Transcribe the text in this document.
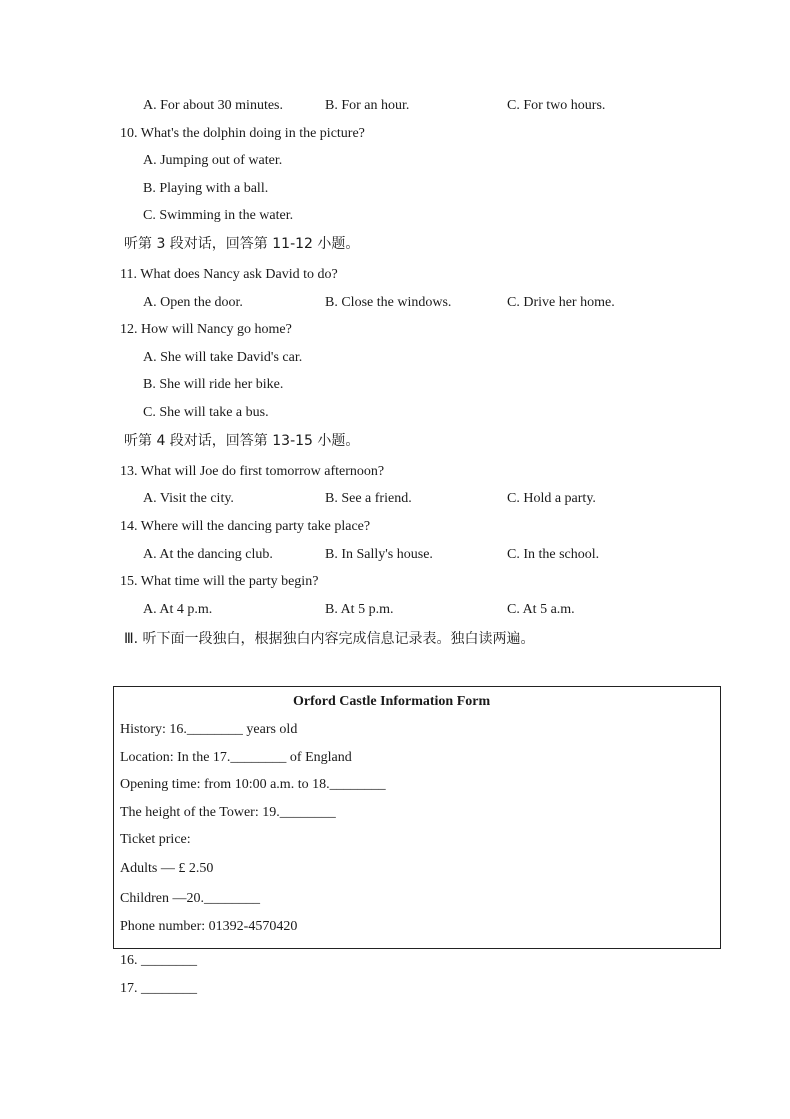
A. For about 30 minutes.	B. For an hour.	C. For two hours.
10. What's the dolphin doing in the picture?
A. Jumping out of water.
B. Playing with a ball.
C. Swimming in the water.
听第 3 段对话，回答第 11-12 小题。
11. What does Nancy ask David to do?
A. Open the door.	B. Close the windows.	C. Drive her home.
12. How will Nancy go home?
A. She will take David's car.
B. She will ride her bike.
C. She will take a bus.
听第 4 段对话，回答第 13-15 小题。
13. What will Joe do first tomorrow afternoon?
A. Visit the city.	B. See a friend.	C. Hold a party.
14. Where will the dancing party take place?
A. At the dancing club.	B. In Sally's house.	C. In the school.
15. What time will the party begin?
A. At 4 p.m.	B. At 5 p.m.	C. At 5 a.m.
Ⅲ. 听下面一段独白，根据独白内容完成信息记录表。独白读两遍。
Orford Castle Information Form
History: 16.________ years old
Location: In the 17.________ of England
Opening time: from 10:00 a.m. to 18.________
The height of the Tower: 19.________
Ticket price:
Adults — £ 2.50
Children —20.________
Phone number: 01392-4570420
16. ________
17. ________
